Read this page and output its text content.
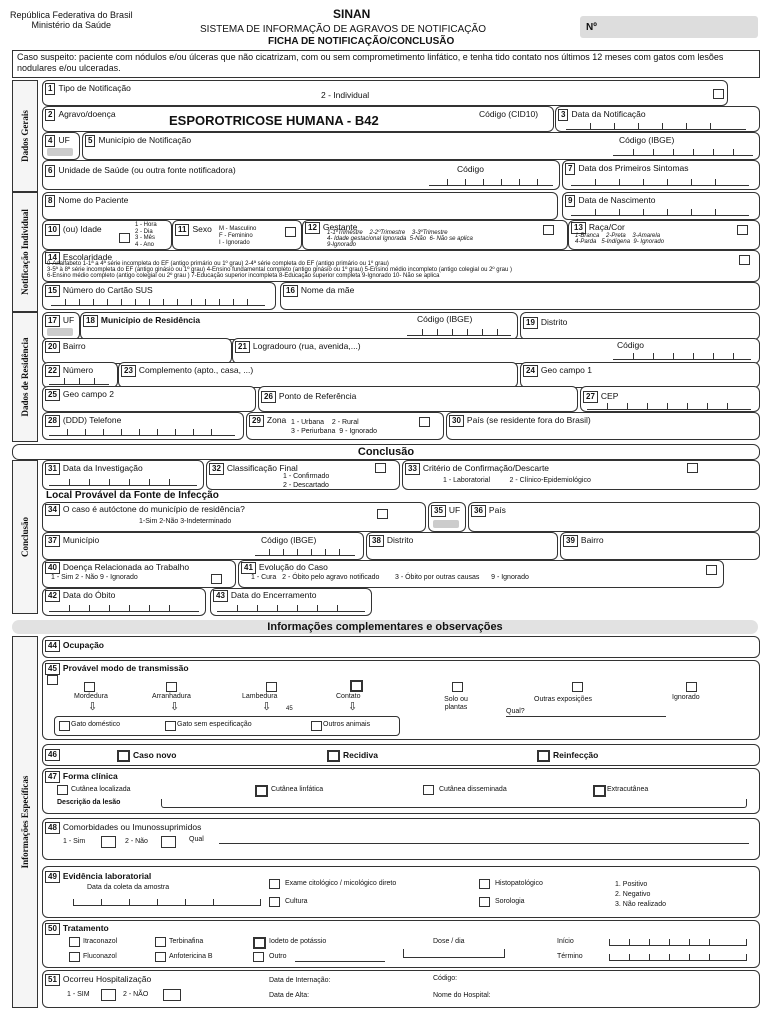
República Federativa do Brasil
Ministério da Saúde
SINAN
SISTEMA DE INFORMAÇÃO DE AGRAVOS DE NOTIFICAÇÃO
FICHA DE NOTIFICAÇÃO/CONCLUSÃO
Nº
Caso suspeito: paciente com nódulos e/ou úlceras que não cicatrizam, com ou sem comprometimento linfático, e tenha tido contato nos últimos 12 meses com gatos com lesões nodulares e/ou ulceradas.
Dados Gerais
Notificação Individual
Dados de Residência
Conclusão
Informações Específicas
1 Tipo de Notificação
2 - Individual
2 Agravo/doença	ESPOROTRICOSE HUMANA - B42	Código (CID10)	3 Data da Notificação
4 UF	5 Município de Notificação	Código (IBGE)
6 Unidade de Saúde (ou outra fonte notificadora)	Código	7 Data dos Primeiros Sintomas
8 Nome do Paciente	9 Data de Nascimento
10 (ou) Idade	1 - Hora
2 - Dia
3 - Mês
4 - Ano
11 Sexo M - Masculino
F - Feminino
I - Ignorado
12 Gestante
1-1ºTrimestre 2-2ºTrimestre 3-3ºTrimestre
4- Idade gestacional Ignorada 5-Não 6- Não se aplica
9-Ignorado
13 Raça/Cor
1-Branca 2-Preta 3-Amarela
4-Parda 5-Indígena 9- Ignorado
14 Escolaridade
0-Analfabeto 1-1ª a 4ª série incompleta do EF (antigo primário ou 1º grau) 2-4ª série completa do EF (antigo primário ou 1º grau)
3-5ª à 8ª série incompleta do EF (antigo ginásio ou 1º grau) 4-Ensino fundamental completo (antigo ginásio ou 1º grau) 5-Ensino médio incompleto (antigo colegial ou 2º grau )
6-Ensino médio completo (antigo colegial ou 2º grau ) 7-Educação superior incompleta 8-Educação superior completa 9-Ignorado 10- Não se aplica
15 Número do Cartão SUS	16 Nome da mãe
17 UF	18 Município de Residência	Código (IBGE)	19 Distrito
20 Bairro	21 Logradouro (rua, avenida,...)	Código
22 Número	23 Complemento (apto., casa, ...)	24 Geo campo 1
25 Geo campo 2	26 Ponto de Referência	27 CEP
28 (DDD) Telefone	29 Zona 1 - Urbana 2 - Rural
3 - Periurbana 9 - Ignorado
30 País (se residente fora do Brasil)
Conclusão
31 Data da Investigação	32 Classificação Final
1 - Confirmado
2 - Descartado
33 Critério de Confirmação/Descarte
1 - Laboratorial	2 - Clínico-Epidemiológico
Local Provável da Fonte de Infecção
34 O caso é autóctone do município de residência?
1-Sim 2-Não 3-Indeterminado
35 UF	36 País
37 Município	Código (IBGE)	38 Distrito	39 Bairro
40 Doença Relacionada ao Trabalho
1 - Sim 2 - Não 9 - Ignorado
41 Evolução do Caso
1 - Cura 2 - Óbito pelo agravo notificado 3 - Óbito por outras causas 9 - Ignorado
42 Data do Óbito	43 Data do Encerramento
Informações complementares e observações
44 Ocupação
45 Provável modo de transmissão
Mordedura
⇩
Arranhadura
⇩
Lambedura
⇩ 45
Contato
⇩
Solo ou plantas
Outras exposições
Qual?
Ignorado
Gato doméstico	Gato sem especificação	Outros animais
46	Caso novo	Recidiva	Reinfecção
47 Forma clínica
Cutânea localizada	Cutânea linfática	Cutânea disseminada	Extracutânea
Descrição da lesão
48 Comorbidades ou Imunossuprimidos
1 - Sim	2 - Não	Qual
49 Evidência laboratorial
Data da coleta da amostra
Exame citológico / micológico direto	Histopatológico
Cultura	Sorologia
1. Positivo
2. Negativo
3. Não realizado
50 Tratamento
Itraconazol	Terbinafina	Iodeto de potássio
Fluconazol	Anfotericina B	Outro
Dose / dia	Início
Término
51 Ocorreu Hospitalização
1 - SIM	2 - NÃO
Data de Internação:
Data de Alta:
Código:
Nome do Hospital:
